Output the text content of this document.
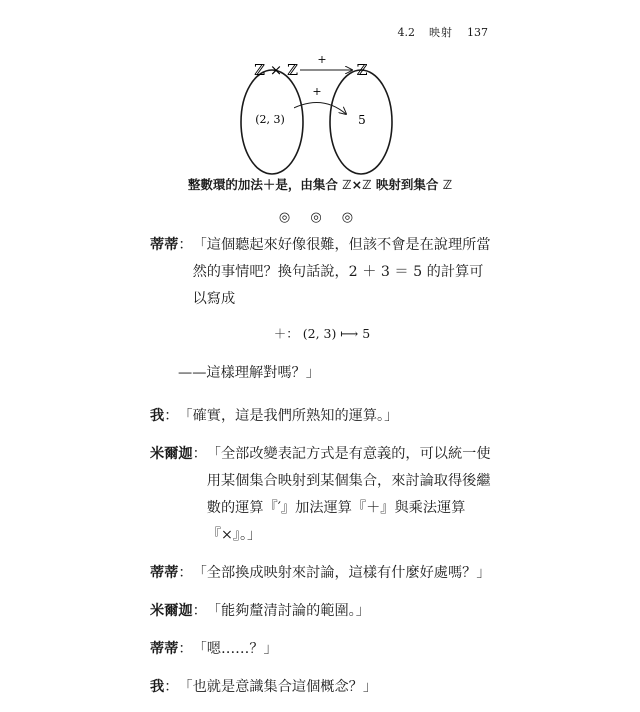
4.2 映射 137
ℤ × ℤ	ℤ
+
+
(2, 3)	5
整數環的加法＋是，由集合 ℤ×ℤ 映射到集合 ℤ
◎ ◎ ◎
蒂蒂： 「這個聽起來好像很難，但該不會是在說理所當然的事情吧？換句話說，2 ＋ 3 ＝ 5 的計算可以寫成
＋： (2, 3) ⟼ 5
——這樣理解對嗎？」
我： 「確實，這是我們所熟知的運算。」
米爾迦： 「全部改變表記方式是有意義的，可以統一使用某個集合映射到某個集合，來討論取得後繼數的運算『′』加法運算『＋』與乘法運算『×』。」
蒂蒂： 「全部換成映射來討論，這樣有什麼好處嗎？」
米爾迦： 「能夠釐清討論的範圍。」
蒂蒂： 「嗯……？」
我： 「也就是意識集合這個概念？」
